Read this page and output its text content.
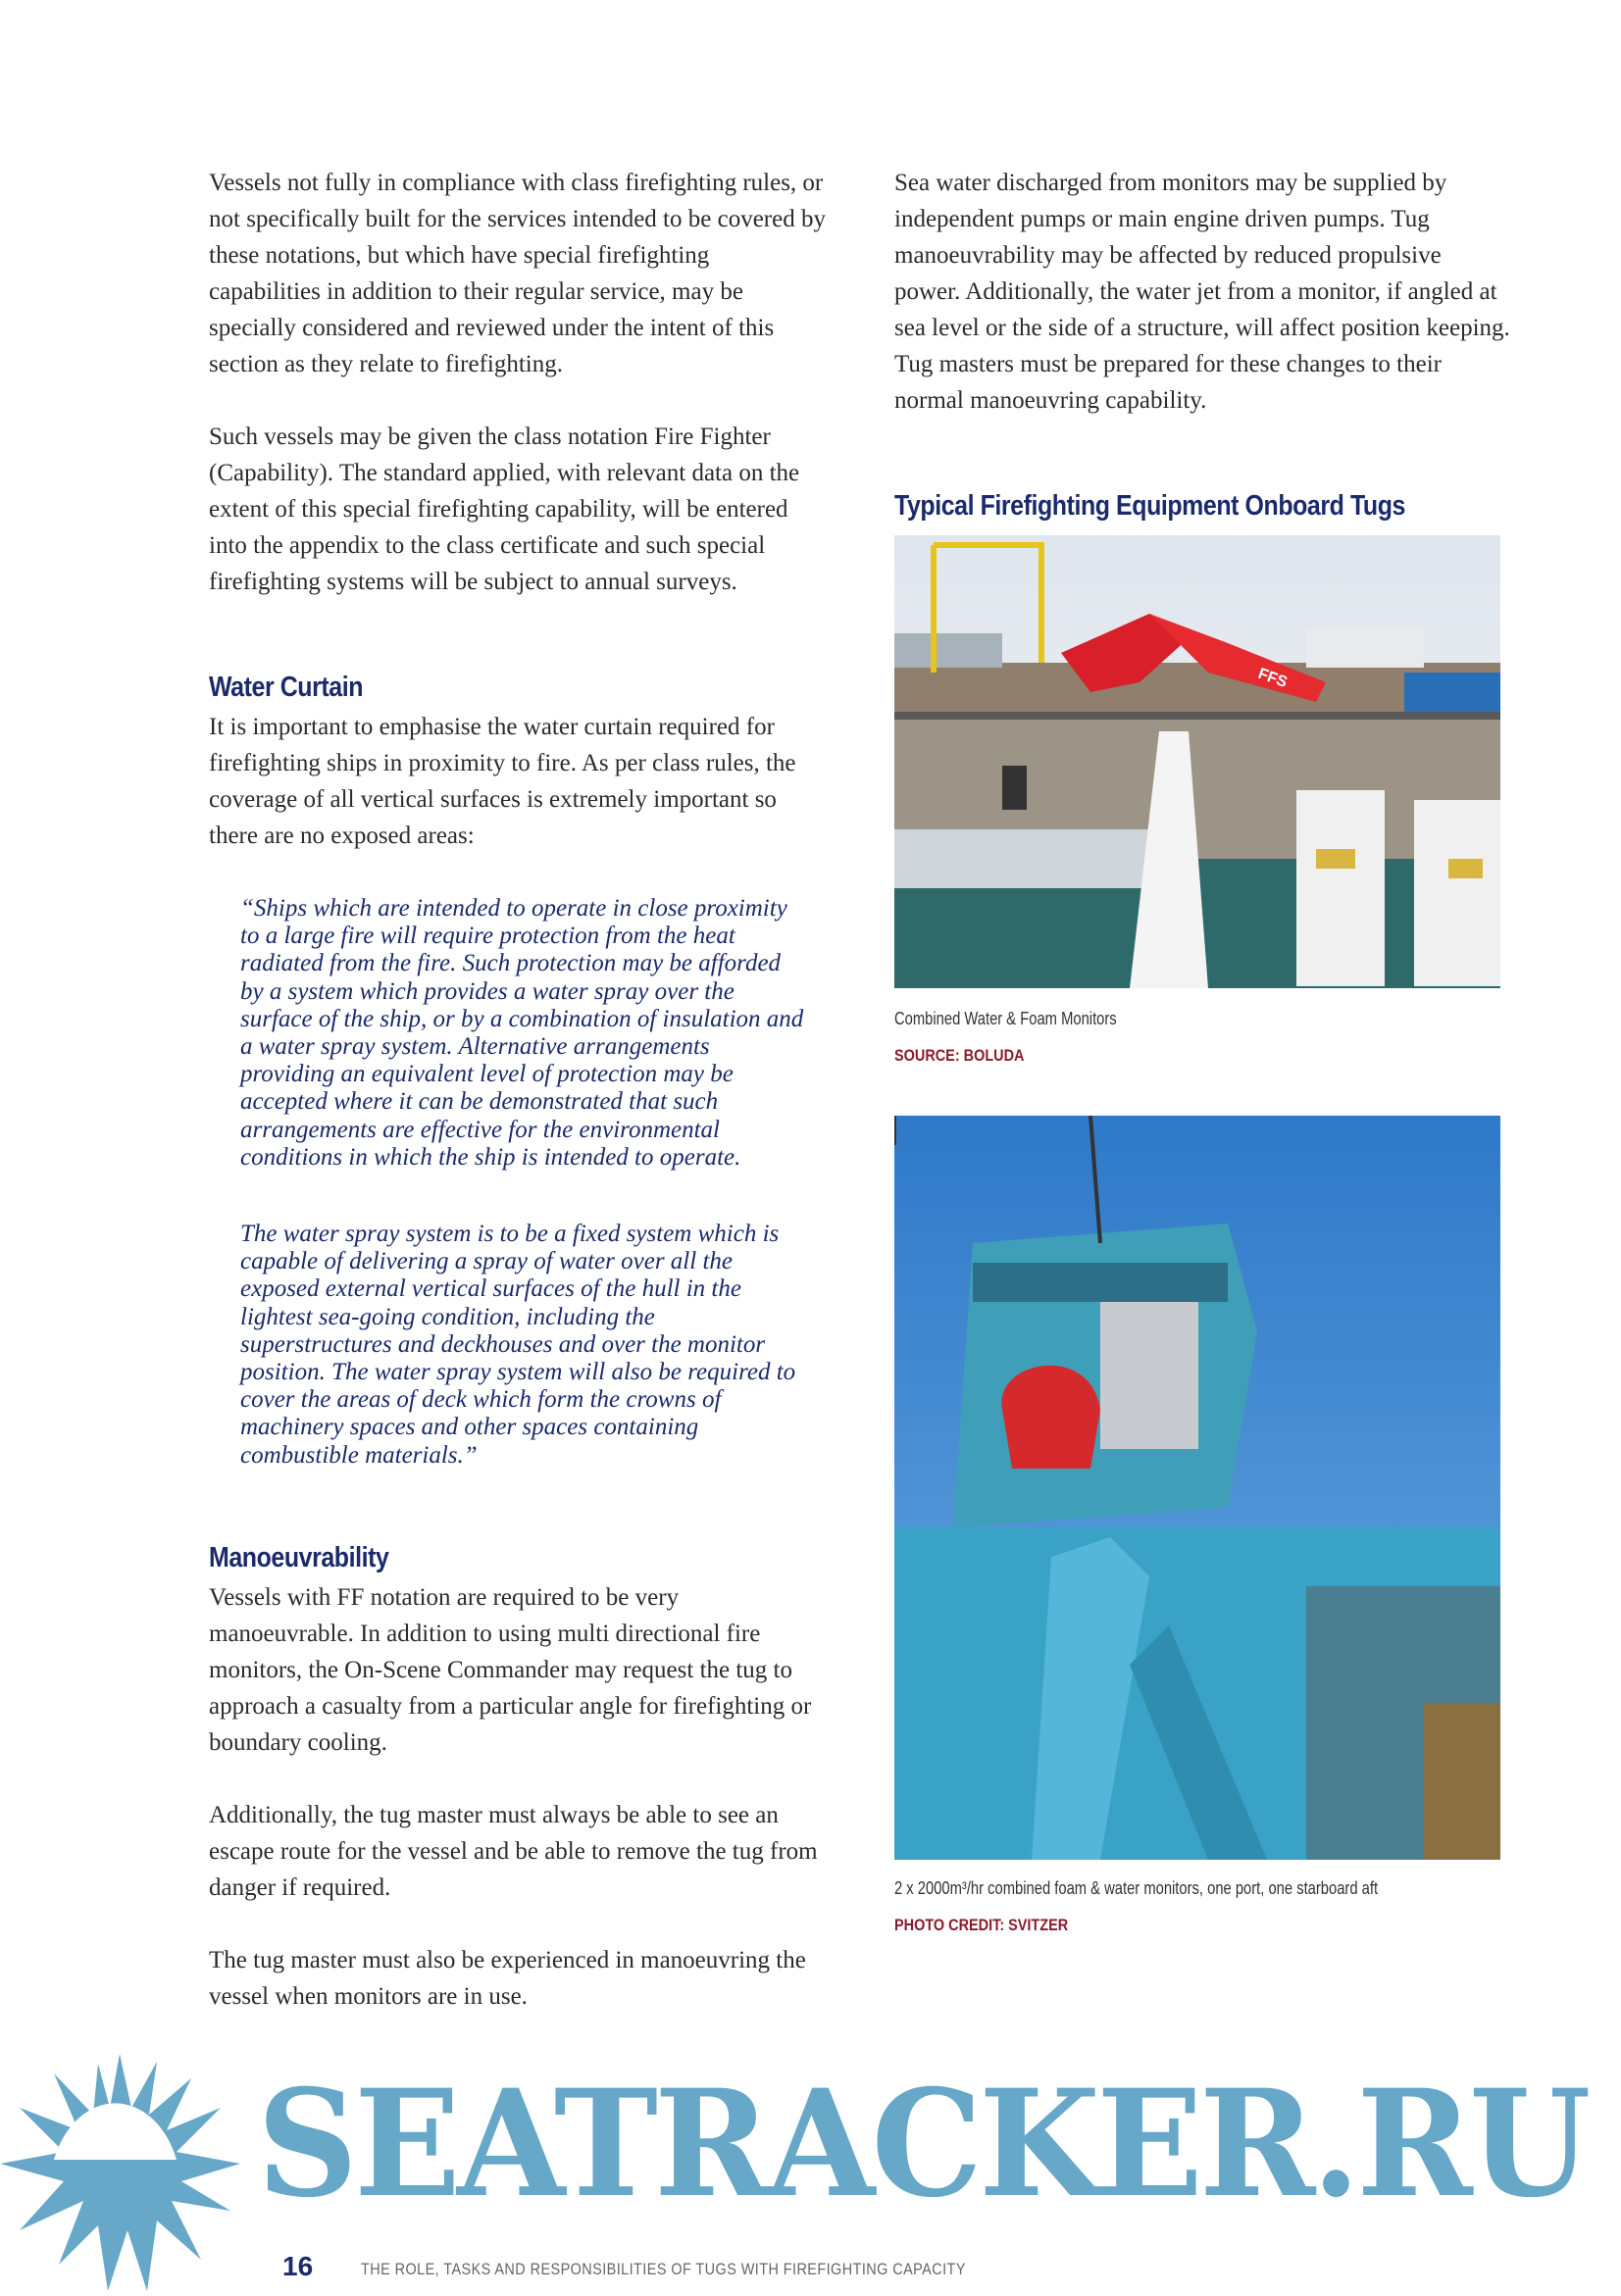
Vessels not fully in compliance with class firefighting rules, or not specifically built for the services intended to be covered by these notations, but which have special firefighting capabilities in addition to their regular service, may be specially considered and reviewed under the intent of this section as they relate to firefighting.
Such vessels may be given the class notation Fire Fighter (Capability). The standard applied, with relevant data on the extent of this special firefighting capability, will be entered into the appendix to the class certificate and such special firefighting systems will be subject to annual surveys.
Water Curtain
It is important to emphasise the water curtain required for firefighting ships in proximity to fire. As per class rules, the coverage of all vertical surfaces is extremely important so there are no exposed areas:
“Ships which are intended to operate in close proximity to a large fire will require protection from the heat radiated from the fire. Such protection may be afforded by a system which provides a water spray over the surface of the ship, or by a combination of insulation and a water spray system. Alternative arrangements providing an equivalent level of protection may be accepted where it can be demonstrated that such arrangements are effective for the environmental conditions in which the ship is intended to operate.
The water spray system is to be a fixed system which is capable of delivering a spray of water over all the exposed external vertical surfaces of the hull in the lightest sea-going condition, including the superstructures and deckhouses and over the monitor position. The water spray system will also be required to cover the areas of deck which form the crowns of machinery spaces and other spaces containing combustible materials.”
Manoeuvrability
Vessels with FF notation are required to be very manoeuvrable. In addition to using multi directional fire monitors, the On-Scene Commander may request the tug to approach a casualty from a particular angle for firefighting or boundary cooling.
Additionally, the tug master must always be able to see an escape route for the vessel and be able to remove the tug from danger if required.
The tug master must also be experienced in manoeuvring the vessel when monitors are in use.
Sea water discharged from monitors may be supplied by independent pumps or main engine driven pumps. Tug manoeuvrability may be affected by reduced propulsive power. Additionally, the water jet from a monitor, if angled at sea level or the side of a structure, will affect position keeping. Tug masters must be prepared for these changes to their normal manoeuvring capability.
Typical Firefighting Equipment Onboard Tugs
FFS
Combined Water & Foam Monitors
SOURCE: BOLUDA
2 x 2000m³/hr combined foam & water monitors, one port, one starboard aft
PHOTO CREDIT: SVITZER
SEATRACKER.RU
16	THE ROLE, TASKS AND RESPONSIBILITIES OF TUGS WITH FIREFIGHTING CAPACITY
